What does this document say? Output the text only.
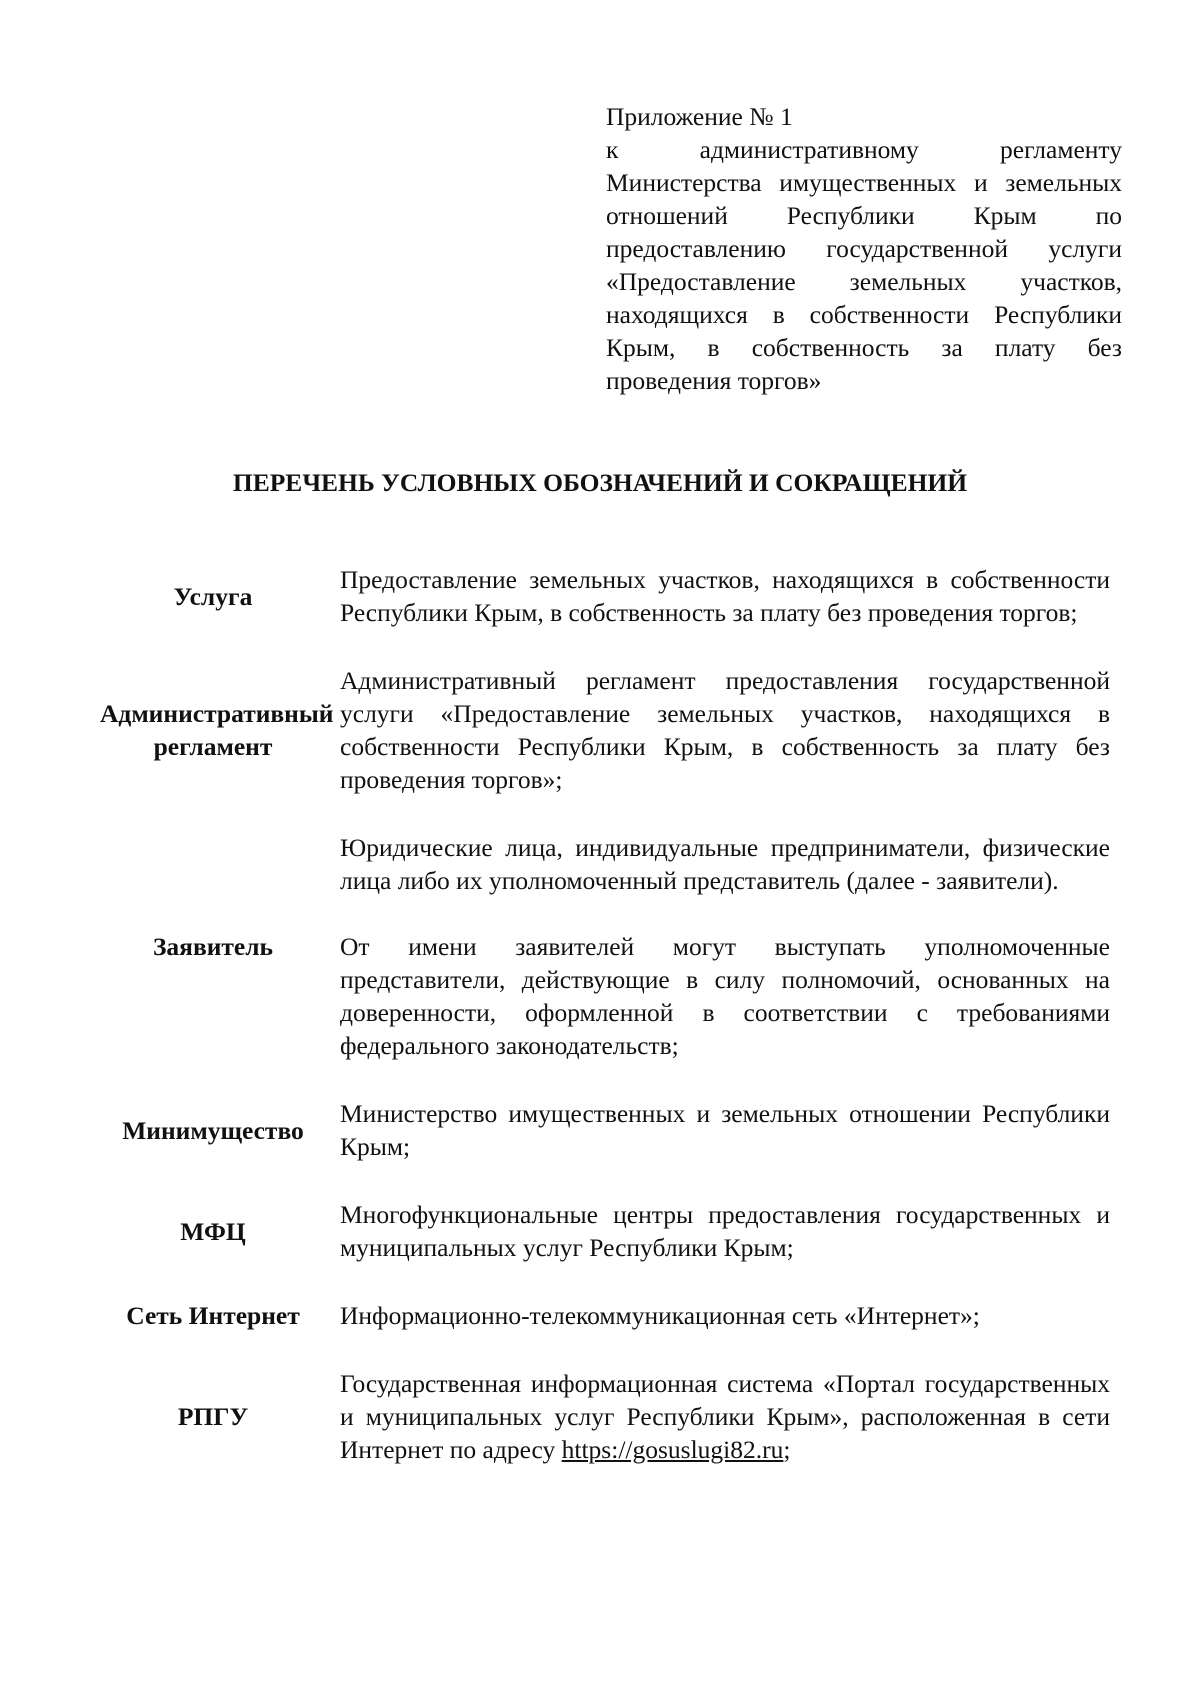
Приложение № 1
к административному регламенту Министерства имущественных и земельных отношений Республики Крым по предоставлению государственной услуги «Предоставление земельных участков, находящихся в собственности Республики Крым, в собственность за плату без проведения торгов»
ПЕРЕЧЕНЬ УСЛОВНЫХ ОБОЗНАЧЕНИЙ И СОКРАЩЕНИЙ
Услуга
Предоставление земельных участков, находящихся в собственности Республики Крым, в собственность за плату без проведения торгов;
Административный регламент
Административный регламент предоставления государственной услуги «Предоставление земельных участков, находящихся в собственности Республики Крым, в собственность за плату без проведения торгов»;
Заявитель
Юридические лица, индивидуальные предприниматели, физические лица либо их уполномоченный представитель (далее - заявители).
От имени заявителей могут выступать уполномоченные представители, действующие в силу полномочий, основанных на доверенности, оформленной в соответствии с требованиями федерального законодательств;
Минимущество
Министерство имущественных и земельных отношении Республики Крым;
МФЦ
Многофункциональные центры предоставления государственных и муниципальных услуг Республики Крым;
Сеть Интернет	Информационно-телекоммуникационная сеть «Интернет»;
РПГУ
Государственная информационная система «Портал государственных и муниципальных услуг Республики Крым», расположенная в сети Интернет по адресу https://gosuslugi82.ru;
